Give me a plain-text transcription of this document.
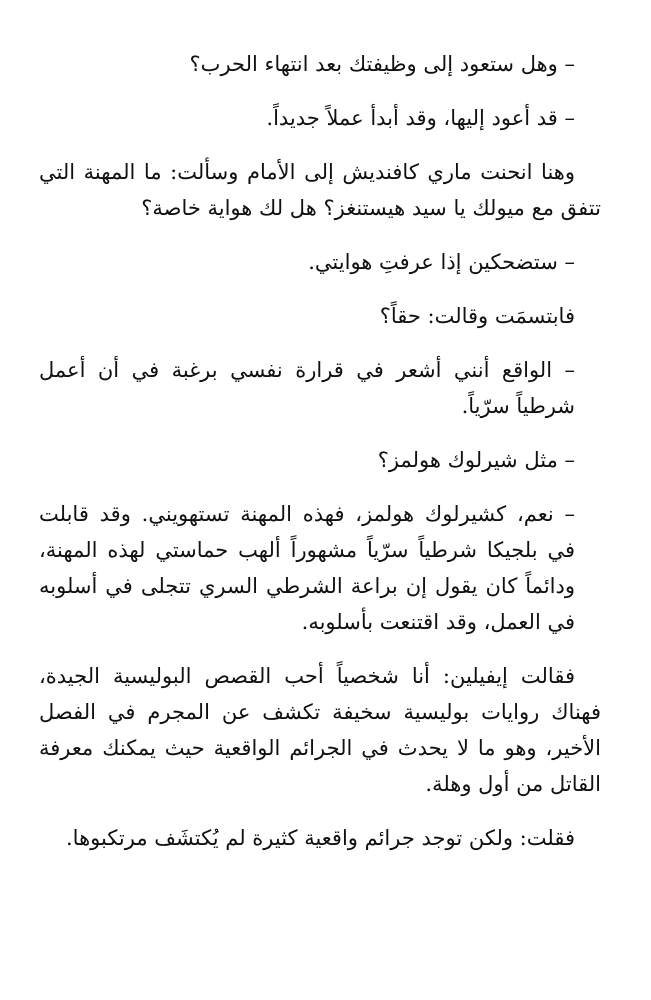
– وهل ستعود إلى وظيفتك بعد انتهاء الحرب؟

– قد أعود إليها، وقد أبدأ عملاً جديداً.

وهنا انحنت ماري كافنديش إلى الأمام وسألت: ما المهنة التي تتفق مع ميولك يا سيد هيستنغز؟ هل لك هواية خاصة؟

– ستضحكين إذا عرفتِ هوايتي.

فابتسمَت وقالت: حقاً؟

– الواقع أنني أشعر في قرارة نفسي برغبة في أن أعمل شرطياً سرّياً.

– مثل شيرلوك هولمز؟

– نعم، كشيرلوك هولمز، فهذه المهنة تستهويني. وقد قابلت في بلجيكا شرطياً سرّياً مشهوراً ألهب حماستي لهذه المهنة، ودائماً كان يقول إن براعة الشرطي السري تتجلى في أسلوبه في العمل، وقد اقتنعت بأسلوبه.

فقالت إيفيلين: أنا شخصياً أحب القصص البوليسية الجيدة، فهناك روايات بوليسية سخيفة تكشف عن المجرم في الفصل الأخير، وهو ما لا يحدث في الجرائم الواقعية حيث يمكنك معرفة القاتل من أول وهلة.

فقلت: ولكن توجد جرائم واقعية كثيرة لم يُكتشَف مرتكبوها.
